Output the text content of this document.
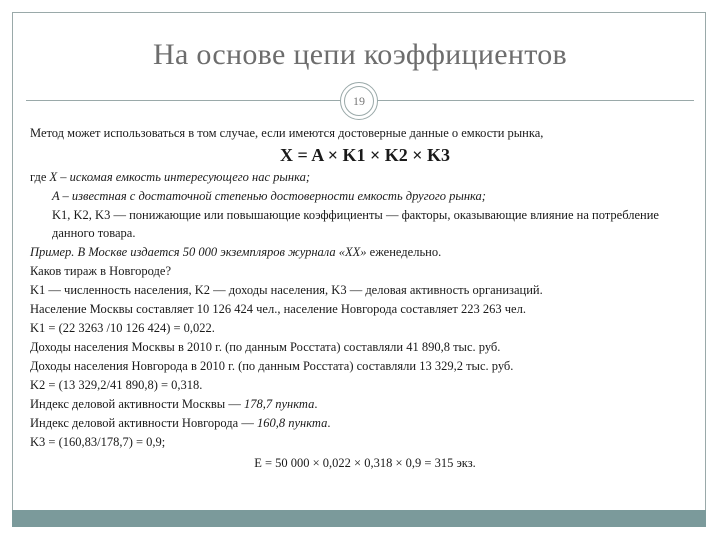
На основе цепи коэффициентов
19
Метод может использоваться в том случае, если имеются достоверные данные о емкости рынка,
X = A × K1 × K2 × K3
где X – искомая емкость интересующего нас рынка;
A – известная с достаточной степенью достоверности емкость другого рынка;
K1, K2, K3 — понижающие или повышающие коэффициенты — факторы, оказывающие влияние на потребление данного товара.
Пример. В Москве издается 50 000 экземпляров журнала «XX» еженедельно.
Каков тираж в Новгороде?
K1 — численность населения, K2 — доходы населения, K3 — деловая активность организаций.
Население Москвы составляет 10 126 424 чел., население Новгорода составляет 223 263 чел.
K1 = (22 3263 /10 126 424) = 0,022.
Доходы населения Москвы в 2010 г. (по данным Росстата) составляли 41 890,8 тыс. руб.
Доходы населения Новгорода в 2010 г. (по данным Росстата) составляли 13 329,2 тыс. руб.
K2 = (13 329,2/41 890,8) = 0,318.
Индекс деловой активности Москвы — 178,7 пункта.
Индекс деловой активности Новгорода — 160,8 пункта.
K3 = (160,83/178,7) = 0,9;
E = 50 000 × 0,022 × 0,318 × 0,9 = 315 экз.
